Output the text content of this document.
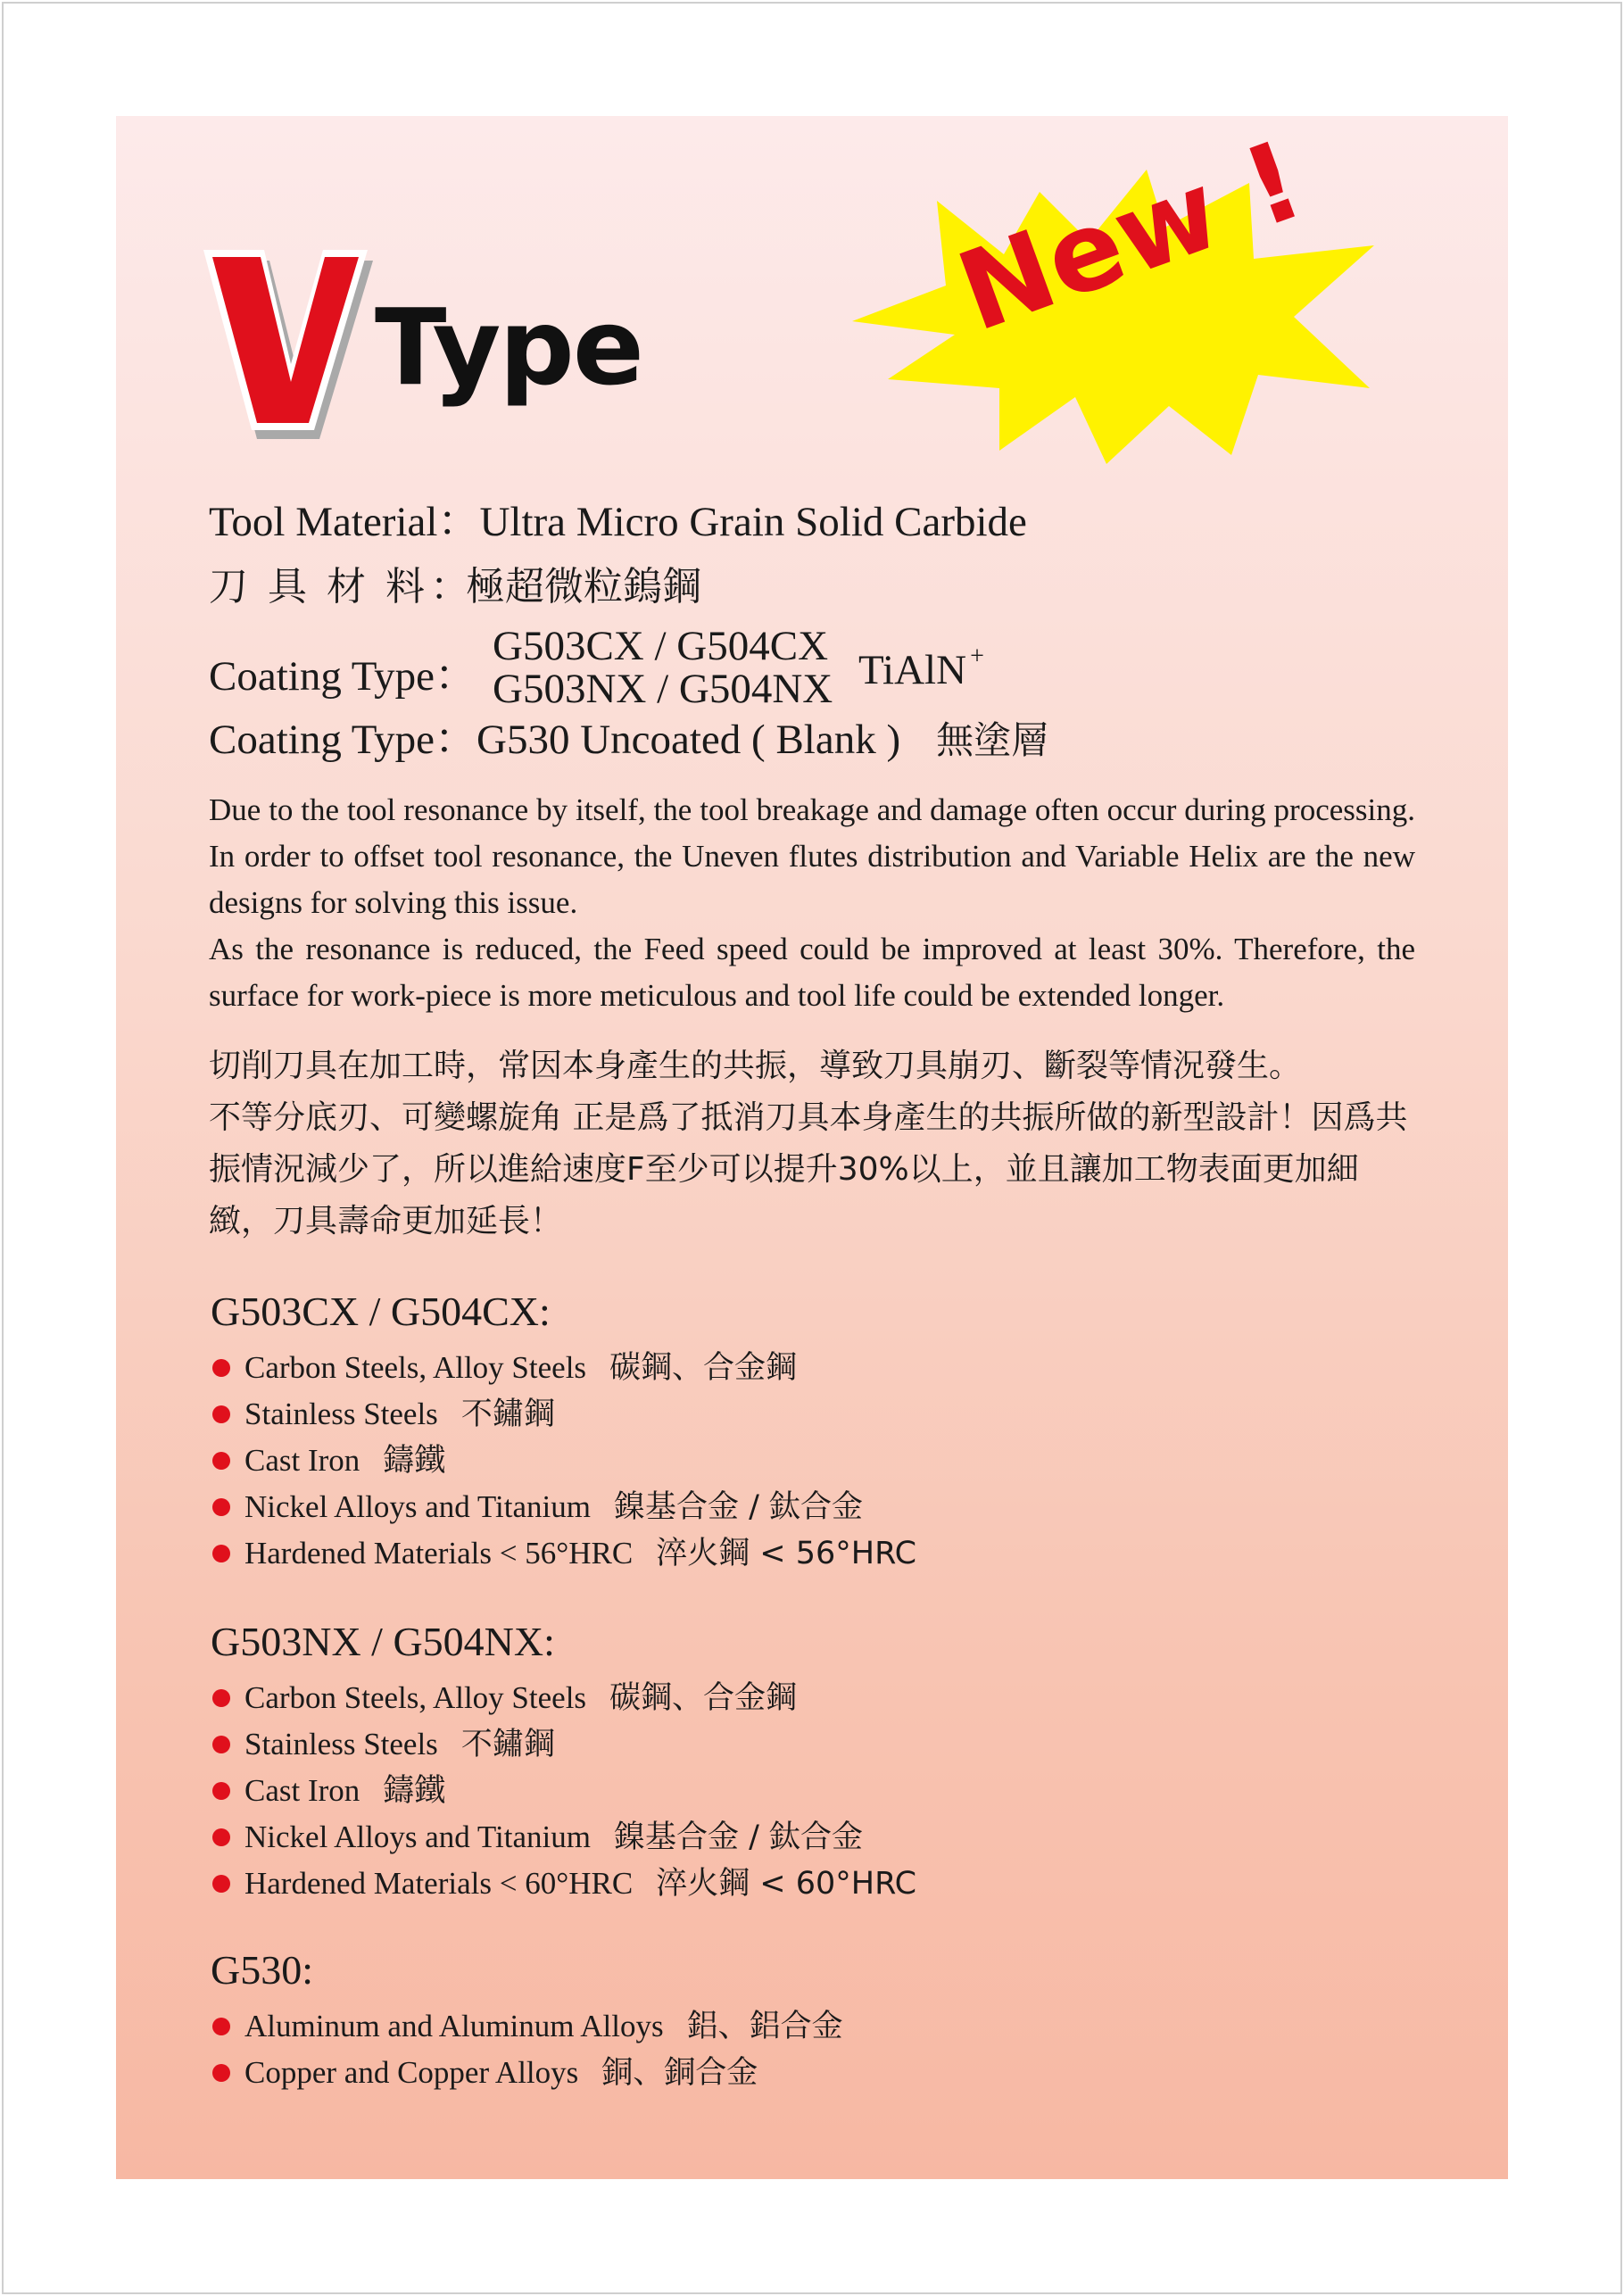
Type	New !
Tool Material：Ultra Micro Grain Solid Carbide
刀 具 材 料 ：極超微粒鎢鋼
Coating Type：
G503CX / G504CX
G503NX / G504NX TiAlN +
Coating Type：G530 Uncoated ( Blank ) 無塗層

Due to the tool resonance by itself, the tool breakage and damage often occur during processing. In order to offset tool resonance, the Uneven flutes distribution and Variable Helix are the new designs for solving this issue.

As the resonance is reduced, the Feed speed could be improved at least 30%. Therefore, the surface for work-piece is more meticulous and tool life could be extended longer.

切削刀具在加工時，常因本身產生的共振，導致刀具崩刃、斷裂等情況發生。

不等分底刃、可變螺旋角 正是爲了抵消刀具本身產生的共振所做的新型設計！因爲共振情況減少了，所以進給速度F至少可以提升30%以上，並且讓加工物表面更加細緻，刀具壽命更加延長！

G503CX / G504CX:
Carbon Steels, Alloy Steels 碳鋼、合金鋼
Stainless Steels 不鏽鋼
Cast Iron 鑄鐵
Nickel Alloys and Titanium 鎳基合金 / 鈦合金
Hardened Materials < 56°HRC 淬火鋼 < 56°HRC
G503NX / G504NX:
Carbon Steels, Alloy Steels 碳鋼、合金鋼
Stainless Steels 不鏽鋼
Cast Iron 鑄鐵
Nickel Alloys and Titanium 鎳基合金 / 鈦合金
Hardened Materials < 60°HRC 淬火鋼 < 60°HRC
G530:
Aluminum and Aluminum Alloys 鋁、鋁合金
Copper and Copper Alloys 銅、銅合金
